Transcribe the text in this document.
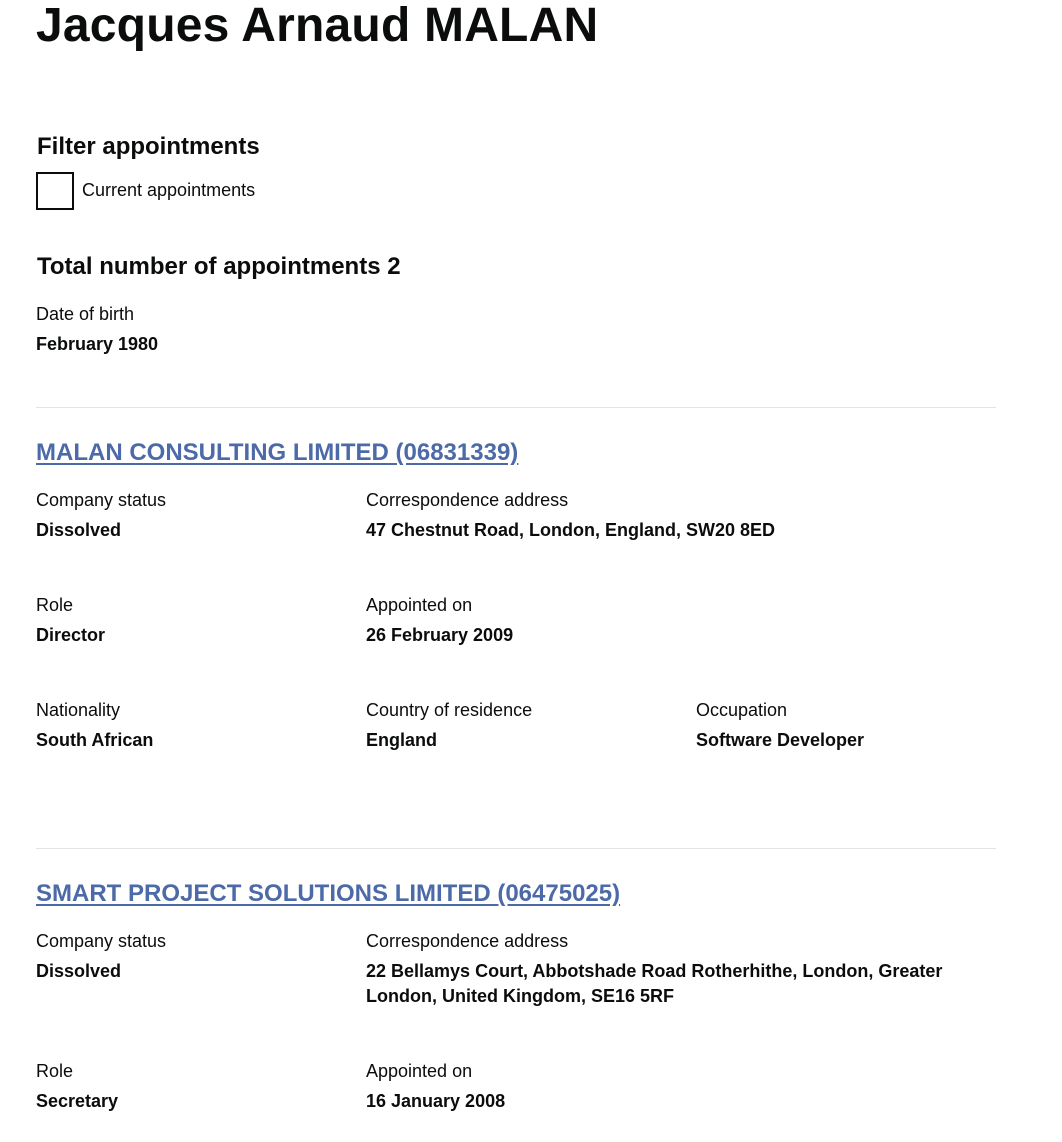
Jacques Arnaud MALAN
Filter appointments
Current appointments
Total number of appointments 2
Date of birth
February 1980
MALAN CONSULTING LIMITED (06831339)
Company status
Dissolved
Correspondence address
47 Chestnut Road, London, England, SW20 8ED
Role
Director
Appointed on
26 February 2009
Nationality
South African
Country of residence
England
Occupation
Software Developer
SMART PROJECT SOLUTIONS LIMITED (06475025)
Company status
Dissolved
Correspondence address
22 Bellamys Court, Abbotshade Road Rotherhithe, London, Greater London, United Kingdom, SE16 5RF
Role
Secretary
Appointed on
16 January 2008
